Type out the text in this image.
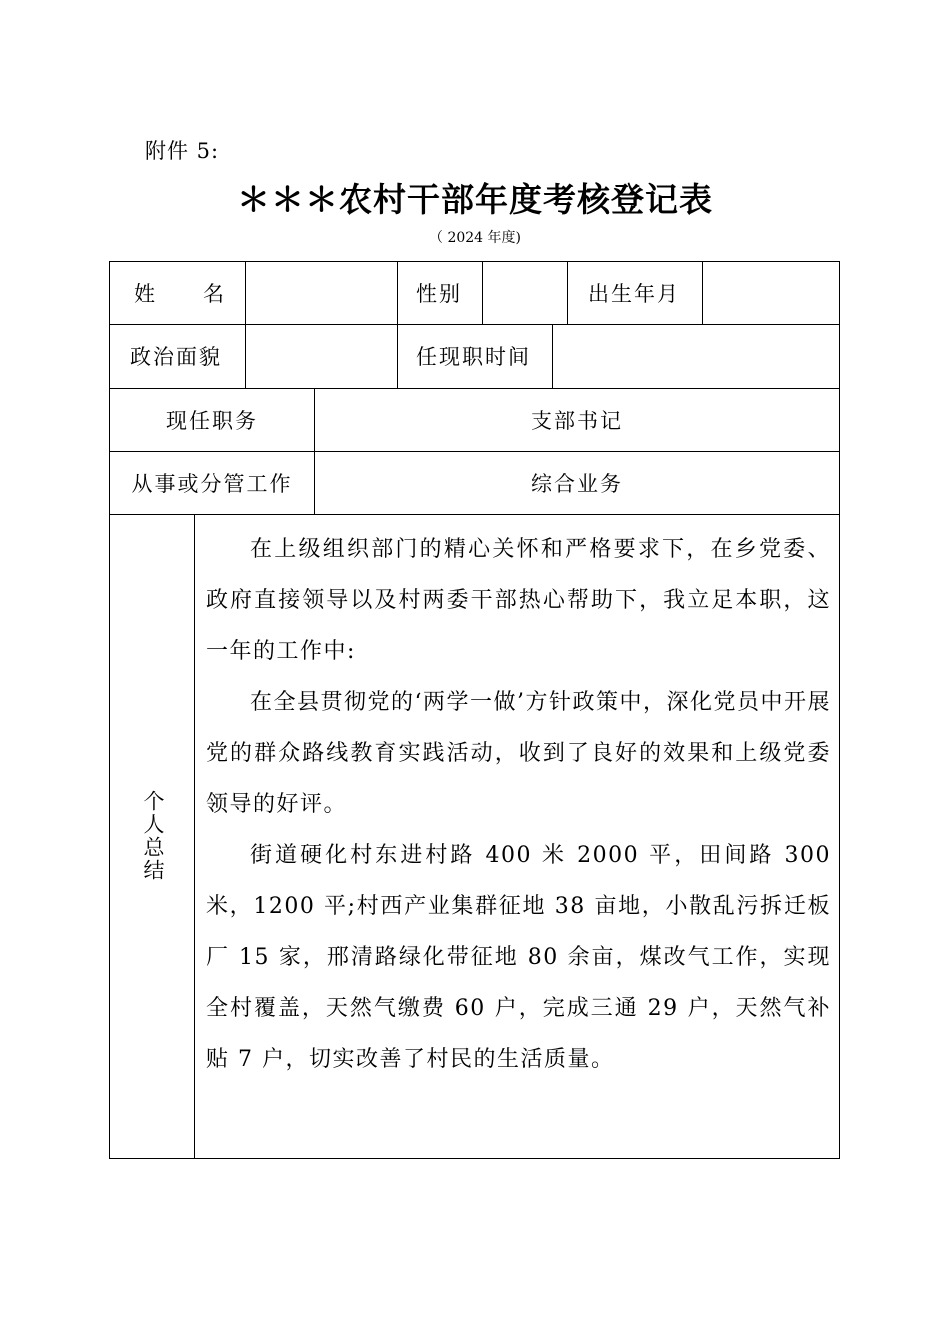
附件 5:
＊＊＊农村干部年度考核登记表
（ 2024 年度)
姓　　名	性别	出生年月
政治面貌	任现职时间
现任职务	支部书记
从事或分管工作	综合业务
个人总结

在上级组织部门的精心关怀和严格要求下，在乡党委、政府直接领导以及村两委干部热心帮助下，我立足本职，这一年的工作中:

在全县贯彻党的‘两学一做’方针政策中，深化党员中开展党的群众路线教育实践活动，收到了良好的效果和上级党委领导的好评。

街道硬化村东进村路 400 米 2000 平，田间路 300 米，1200 平;村西产业集群征地 38 亩地，小散乱污拆迁板厂 15 家，邢清路绿化带征地 80 余亩，煤改气工作，实现全村覆盖，天然气缴费 60 户，完成三通 29 户，天然气补贴 7 户，切实改善了村民的生活质量。
